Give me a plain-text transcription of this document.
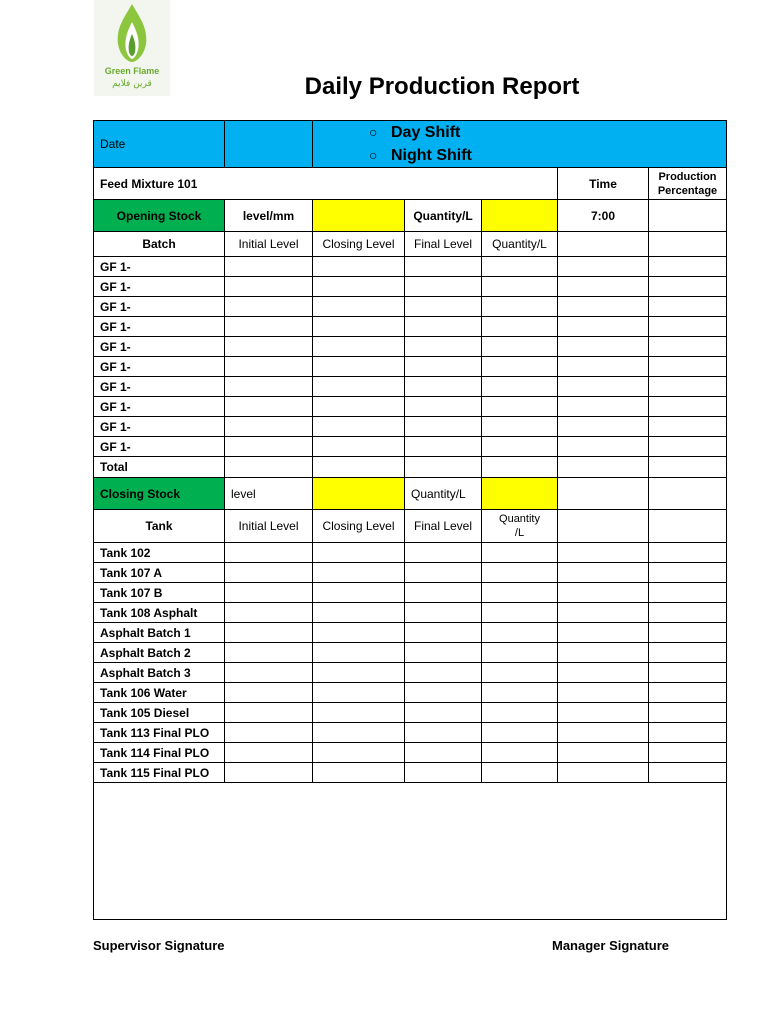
Green Flame
قرين فلايم	Daily Production Report
Date		○ Day Shift
○ Night Shift				

Feed Mixture 101					Time	Production
Percentage

Opening Stock	level/mm		Quantity/L		7:00	
Batch	Initial Level	Closing Level	Final Level	Quantity/L		
GF 1-						
GF 1-						
GF 1-						
GF 1-						
GF 1-						
GF 1-						
GF 1-						
GF 1-						
GF 1-						
GF 1-						
Total						
Closing Stock	level		Quantity/L			
Tank	Initial Level	Closing Level	Final Level	Quantity
/L		

Tank 102						
Tank 107 A						
Tank 107 B						
Tank 108 Asphalt						
Asphalt Batch 1						
Asphalt Batch 2						
Asphalt Batch 3						
Tank 106 Water						
Tank 105 Diesel						
Tank 113 Final PLO						
Tank 114 Final PLO						
Tank 115 Final PLO						

Supervisor Signature	Manager Signature
